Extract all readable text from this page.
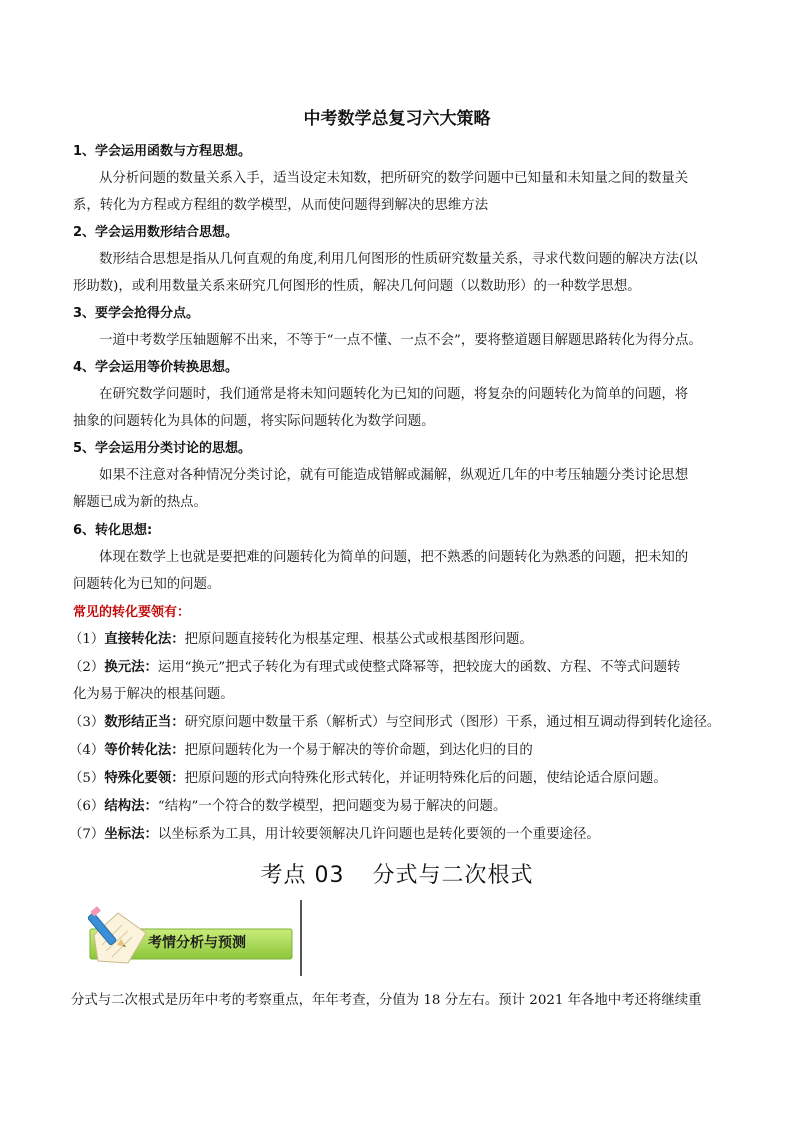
中考数学总复习六大策略
1、学会运用函数与方程思想。
从分析问题的数量关系入手，适当设定未知数，把所研究的数学问题中已知量和未知量之间的数量关
系，转化为方程或方程组的数学模型，从而使问题得到解决的思维方法
2、学会运用数形结合思想。
数形结合思想是指从几何直观的角度,利用几何图形的性质研究数量关系，寻求代数问题的解决方法(以
形助数)，或利用数量关系来研究几何图形的性质，解决几何问题（以数助形）的一种数学思想。
3、要学会抢得分点。
一道中考数学压轴题解不出来，不等于“一点不懂、一点不会”，要将整道题目解题思路转化为得分点。
4、学会运用等价转换思想。
在研究数学问题时，我们通常是将未知问题转化为已知的问题，将复杂的问题转化为简单的问题，将
抽象的问题转化为具体的问题，将实际问题转化为数学问题。
5、学会运用分类讨论的思想。
如果不注意对各种情况分类讨论，就有可能造成错解或漏解，纵观近几年的中考压轴题分类讨论思想
解题已成为新的热点。
6、转化思想:
体现在数学上也就是要把难的问题转化为简单的问题，把不熟悉的问题转化为熟悉的问题，把未知的
问题转化为已知的问题。
常见的转化要领有：
（1）直接转化法：把原问题直接转化为根基定理、根基公式或根基图形问题。
（2）换元法：运用“换元”把式子转化为有理式或使整式降幂等，把较庞大的函数、方程、不等式问题转
化为易于解决的根基问题。
（3）数形结正当：研究原问题中数量干系（解析式）与空间形式（图形）干系，通过相互调动得到转化途径。
（4）等价转化法：把原问题转化为一个易于解决的等价命题，到达化归的目的
（5）特殊化要领：把原问题的形式向特殊化形式转化，并证明特殊化后的问题，使结论适合原问题。
（6）结构法：“结构”一个符合的数学模型，把问题变为易于解决的问题。
（7）坐标法：以坐标系为工具，用计较要领解决几许问题也是转化要领的一个重要途径。
考点 03 分式与二次根式
考情分析与预测
分式与二次根式是历年中考的考察重点，年年考查，分值为 18 分左右。预计 2021 年各地中考还将继续重
